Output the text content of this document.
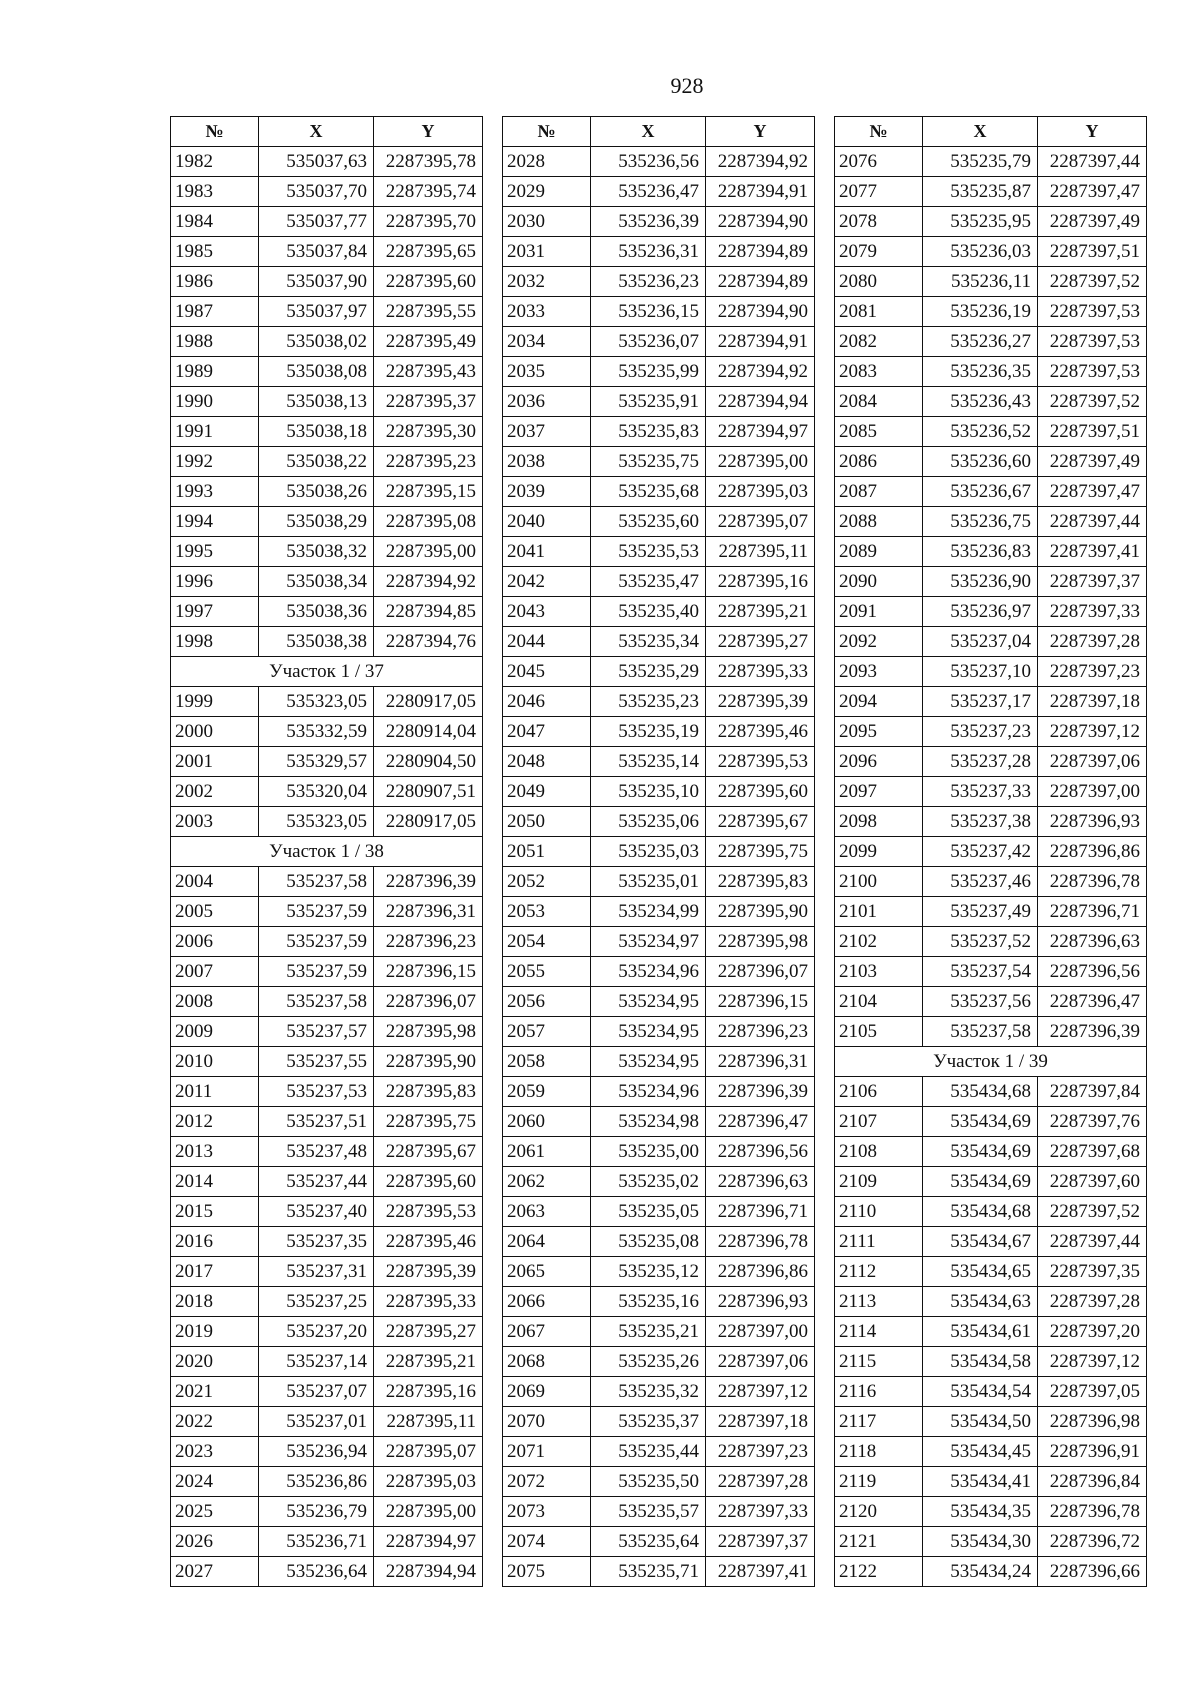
928
№	X	Y
1982	535037,63	2287395,78
1983	535037,70	2287395,74
1984	535037,77	2287395,70
1985	535037,84	2287395,65
1986	535037,90	2287395,60
1987	535037,97	2287395,55
1988	535038,02	2287395,49
1989	535038,08	2287395,43
1990	535038,13	2287395,37
1991	535038,18	2287395,30
1992	535038,22	2287395,23
1993	535038,26	2287395,15
1994	535038,29	2287395,08
1995	535038,32	2287395,00
1996	535038,34	2287394,92
1997	535038,36	2287394,85
1998	535038,38	2287394,76
Участок 1 / 37		
1999	535323,05	2280917,05
2000	535332,59	2280914,04
2001	535329,57	2280904,50
2002	535320,04	2280907,51
2003	535323,05	2280917,05
Участок 1 / 38		
2004	535237,58	2287396,39
2005	535237,59	2287396,31
2006	535237,59	2287396,23
2007	535237,59	2287396,15
2008	535237,58	2287396,07
2009	535237,57	2287395,98
2010	535237,55	2287395,90
2011	535237,53	2287395,83
2012	535237,51	2287395,75
2013	535237,48	2287395,67
2014	535237,44	2287395,60
2015	535237,40	2287395,53
2016	535237,35	2287395,46
2017	535237,31	2287395,39
2018	535237,25	2287395,33
2019	535237,20	2287395,27
2020	535237,14	2287395,21
2021	535237,07	2287395,16
2022	535237,01	2287395,11
2023	535236,94	2287395,07
2024	535236,86	2287395,03
2025	535236,79	2287395,00
2026	535236,71	2287394,97
2027	535236,64	2287394,94
№	X	Y
2028	535236,56	2287394,92
2029	535236,47	2287394,91
2030	535236,39	2287394,90
2031	535236,31	2287394,89
2032	535236,23	2287394,89
2033	535236,15	2287394,90
2034	535236,07	2287394,91
2035	535235,99	2287394,92
2036	535235,91	2287394,94
2037	535235,83	2287394,97
2038	535235,75	2287395,00
2039	535235,68	2287395,03
2040	535235,60	2287395,07
2041	535235,53	2287395,11
2042	535235,47	2287395,16
2043	535235,40	2287395,21
2044	535235,34	2287395,27
2045	535235,29	2287395,33
2046	535235,23	2287395,39
2047	535235,19	2287395,46
2048	535235,14	2287395,53
2049	535235,10	2287395,60
2050	535235,06	2287395,67
2051	535235,03	2287395,75
2052	535235,01	2287395,83
2053	535234,99	2287395,90
2054	535234,97	2287395,98
2055	535234,96	2287396,07
2056	535234,95	2287396,15
2057	535234,95	2287396,23
2058	535234,95	2287396,31
2059	535234,96	2287396,39
2060	535234,98	2287396,47
2061	535235,00	2287396,56
2062	535235,02	2287396,63
2063	535235,05	2287396,71
2064	535235,08	2287396,78
2065	535235,12	2287396,86
2066	535235,16	2287396,93
2067	535235,21	2287397,00
2068	535235,26	2287397,06
2069	535235,32	2287397,12
2070	535235,37	2287397,18
2071	535235,44	2287397,23
2072	535235,50	2287397,28
2073	535235,57	2287397,33
2074	535235,64	2287397,37
2075	535235,71	2287397,41
№	X	Y
2076	535235,79	2287397,44
2077	535235,87	2287397,47
2078	535235,95	2287397,49
2079	535236,03	2287397,51
2080	535236,11	2287397,52
2081	535236,19	2287397,53
2082	535236,27	2287397,53
2083	535236,35	2287397,53
2084	535236,43	2287397,52
2085	535236,52	2287397,51
2086	535236,60	2287397,49
2087	535236,67	2287397,47
2088	535236,75	2287397,44
2089	535236,83	2287397,41
2090	535236,90	2287397,37
2091	535236,97	2287397,33
2092	535237,04	2287397,28
2093	535237,10	2287397,23
2094	535237,17	2287397,18
2095	535237,23	2287397,12
2096	535237,28	2287397,06
2097	535237,33	2287397,00
2098	535237,38	2287396,93
2099	535237,42	2287396,86
2100	535237,46	2287396,78
2101	535237,49	2287396,71
2102	535237,52	2287396,63
2103	535237,54	2287396,56
2104	535237,56	2287396,47
2105	535237,58	2287396,39
Участок 1 / 39		
2106	535434,68	2287397,84
2107	535434,69	2287397,76
2108	535434,69	2287397,68
2109	535434,69	2287397,60
2110	535434,68	2287397,52
2111	535434,67	2287397,44
2112	535434,65	2287397,35
2113	535434,63	2287397,28
2114	535434,61	2287397,20
2115	535434,58	2287397,12
2116	535434,54	2287397,05
2117	535434,50	2287396,98
2118	535434,45	2287396,91
2119	535434,41	2287396,84
2120	535434,35	2287396,78
2121	535434,30	2287396,72
2122	535434,24	2287396,66
